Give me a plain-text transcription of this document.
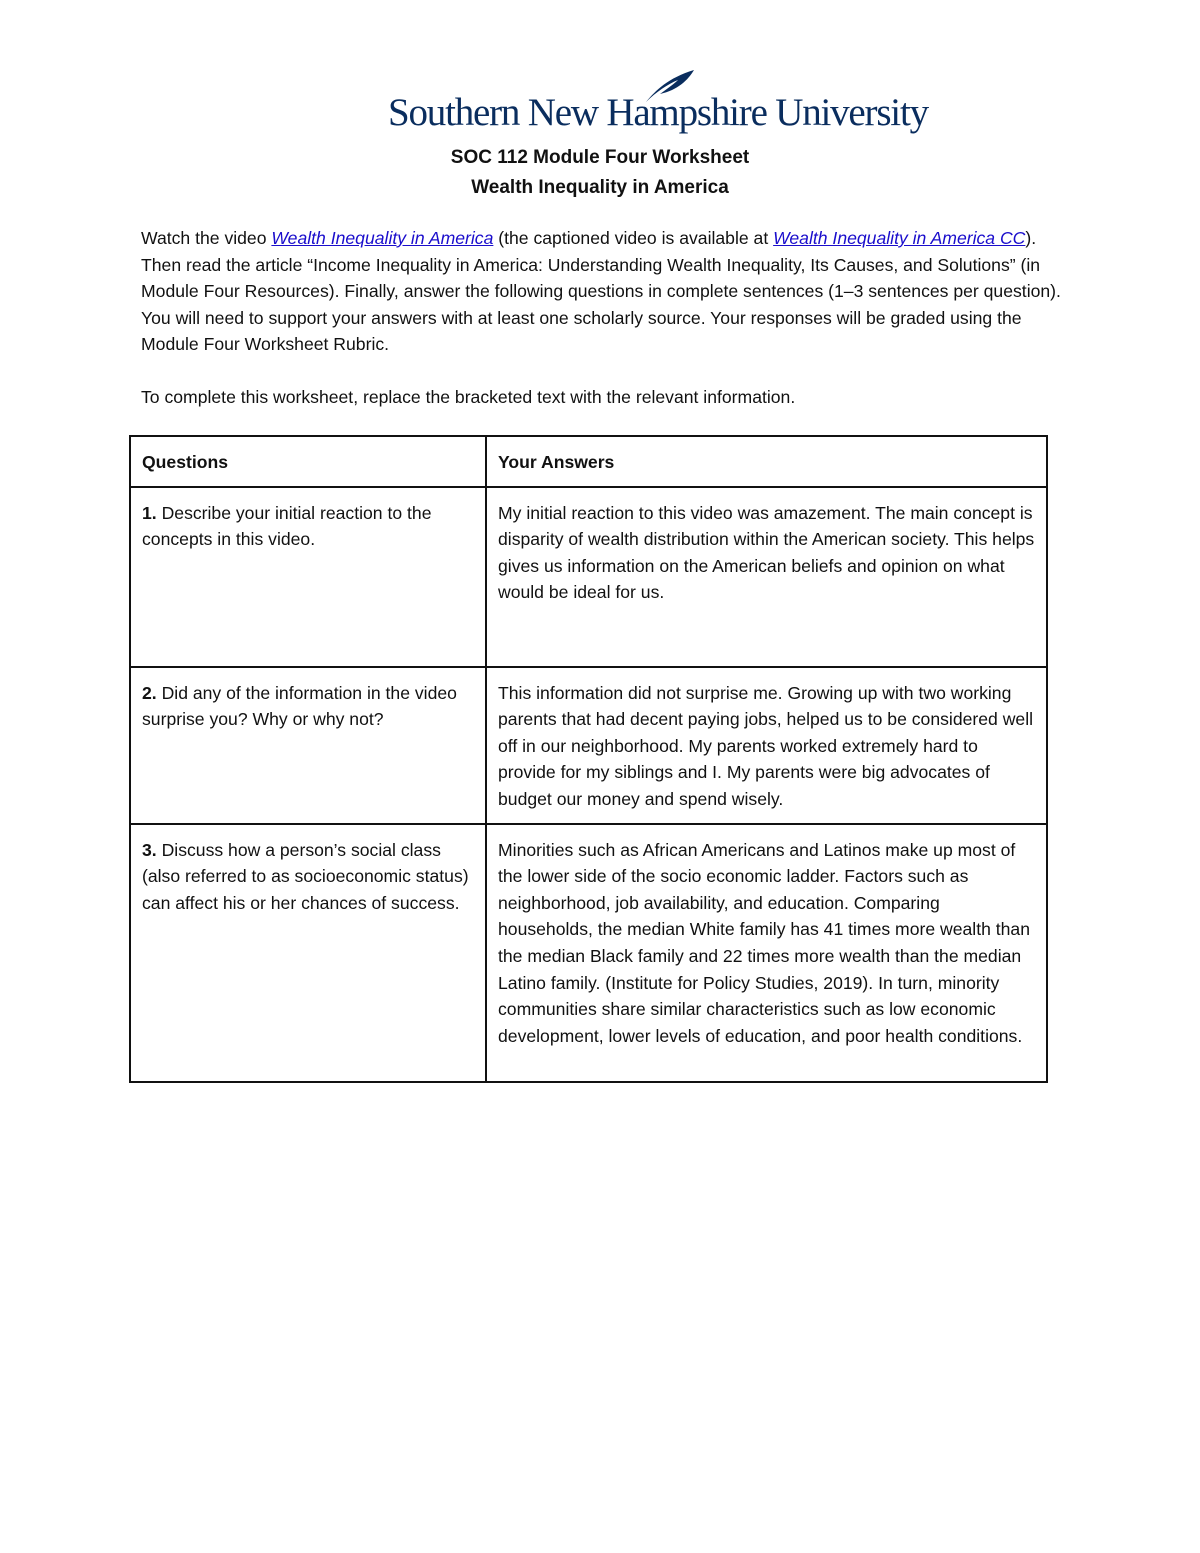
Southern New Hampshire University
SOC 112 Module Four Worksheet
Wealth Inequality in America
Watch the video Wealth Inequality in America (the captioned video is available at Wealth Inequality in America CC). Then read the article “Income Inequality in America: Understanding Wealth Inequality, Its Causes, and Solutions” (in Module Four Resources). Finally, answer the following questions in complete sentences (1–3 sentences per question). You will need to support your answers with at least one scholarly source. Your responses will be graded using the Module Four Worksheet Rubric.
To complete this worksheet, replace the bracketed text with the relevant information.
Questions	Your Answers
1. Describe your initial reaction to the concepts in this video.	My initial reaction to this video was amazement. The main concept is disparity of wealth distribution within the American society. This helps gives us information on the American beliefs and opinion on what would be ideal for us.
2. Did any of the information in the video surprise you? Why or why not?	This information did not surprise me. Growing up with two working parents that had decent paying jobs, helped us to be considered well off in our neighborhood. My parents worked extremely hard to provide for my siblings and I. My parents were big advocates of budget our money and spend wisely.
3. Discuss how a person’s social class (also referred to as socioeconomic status) can affect his or her chances of success.	Minorities such as African Americans and Latinos make up most of the lower side of the socio economic ladder. Factors such as neighborhood, job availability, and education. Comparing households, the median White family has 41 times more wealth than the median Black family and 22 times more wealth than the median Latino family. (Institute for Policy Studies, 2019). In turn, minority communities share similar characteristics such as low economic development, lower levels of education, and poor health conditions.
